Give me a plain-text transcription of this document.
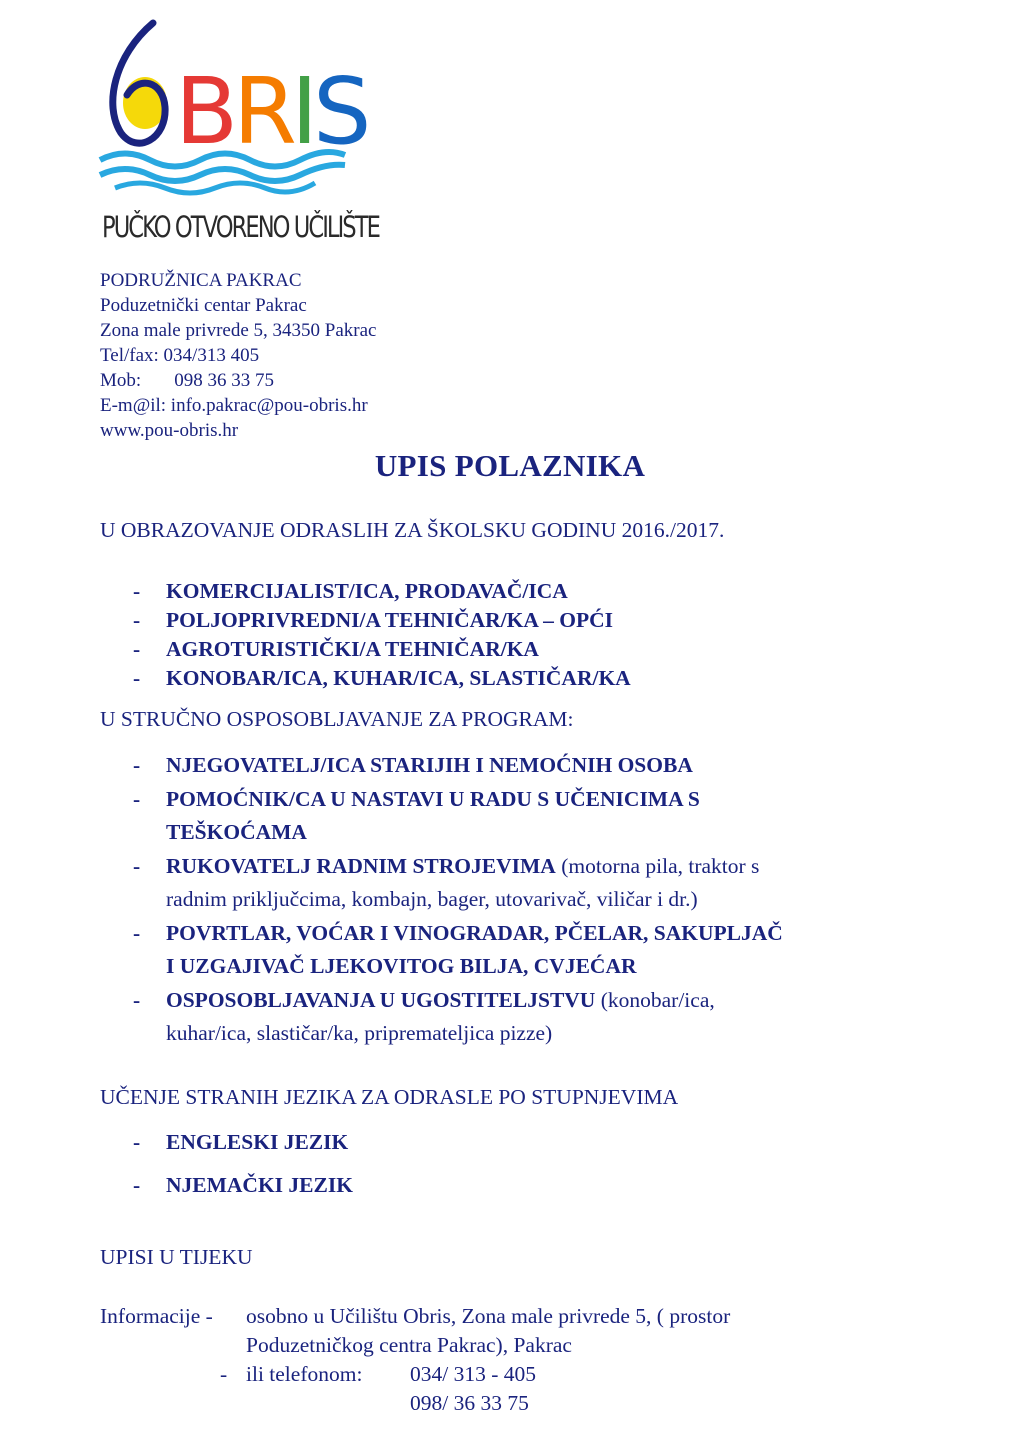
B
R
I
S
PUČKO OTVORENO UČILIŠTE
PODRUŽNICA PAKRAC
Poduzetnički centar Pakrac
Zona male privrede 5, 34350 Pakrac
Tel/fax: 034/313 405
Mob: 098 36 33 75
E-m@il: info.pakrac@pou-obris.hr
www.pou-obris.hr
UPIS POLAZNIKA
U OBRAZOVANJE ODRASLIH ZA ŠKOLSKU GODINU 2016./2017.
- KOMERCIJALIST/ICA, PRODAVAČ/ICA
- POLJOPRIVREDNI/A TEHNIČAR/KA – OPĆI
- AGROTURISTIČKI/A TEHNIČAR/KA
- KONOBAR/ICA, KUHAR/ICA, SLASTIČAR/KA
U STRUČNO OSPOSOBLJAVANJE ZA PROGRAM:
- NJEGOVATELJ/ICA STARIJIH I NEMOĆNIH OSOBA
- POMOĆNIK/CA U NASTAVI U RADU S UČENICIMA S
TEŠKOĆAMA
- RUKOVATELJ RADNIM STROJEVIMA (motorna pila, traktor s
radnim priključcima, kombajn, bager, utovarivač, viličar i dr.)
- POVRTLAR, VOĆAR I VINOGRADAR, PČELAR, SAKUPLJAČ
I UZGAJIVAČ LJEKOVITOG BILJA, CVJEĆAR
- OSPOSOBLJAVANJA U UGOSTITELJSTVU (konobar/ica,
kuhar/ica, slastičar/ka, pripremateljica pizze)
UČENJE STRANIH JEZIKA ZA ODRASLE PO STUPNJEVIMA
- ENGLESKI JEZIK
- NJEMAČKI JEZIK
UPISI U TIJEKU
Informacije - osobno u Učilištu Obris, Zona male privrede 5, ( prostor
Poduzetničkog centra Pakrac), Pakrac
- ili telefonom: 034/ 313 - 405
098/ 36 33 75
